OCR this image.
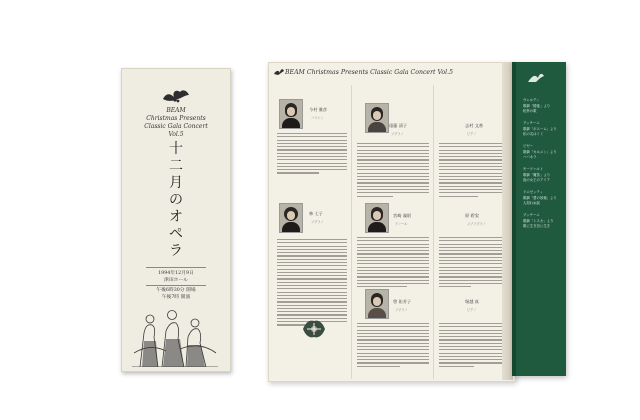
BEAM
Christmas Presents
Classic Gala Concert
Vol.5
十二月のオペラ
1994年12月9日
津田ホール
午後6時30分 開場
午後7時 開演
BEAM Christmas Presents Classic Gala Concert Vol.5
今村 雅彦
バリトン
遠藤 清子
ソプラノ
志村 文香
ピアノ
林 七子
ソプラノ
宮崎 義昭
テノール
原 碧実
メゾソプラノ
曽 佑芳子
ソプラノ
堀越 真
ピアノ
ヴェルディ
歌劇「椿姫」より
乾杯の歌
プッチーニ
歌劇「ボエーム」より
私の名はミミ
ビゼー
歌劇「カルメン」より
ハバネラ
モーツァルト
歌劇「魔笛」より
夜の女王のアリア
ドニゼッティ
歌劇「愛の妙薬」より
人知れぬ涙
プッチーニ
歌劇「トスカ」より
歌に生き恋に生き
